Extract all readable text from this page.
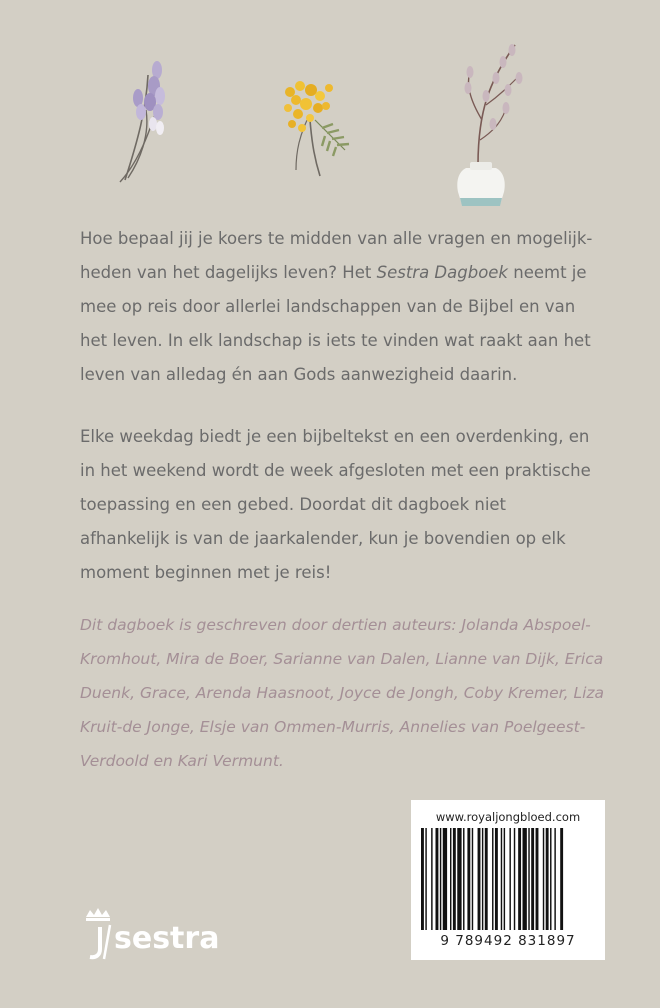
Hoe bepaal jij je koers te midden van alle vragen en mogelijk-heden van het dagelijks leven? Het Sestra Dagboek neemt je mee op reis door allerlei landschappen van de Bijbel en van het leven. In elk landschap is iets te vinden wat raakt aan het leven van alledag én aan Gods aanwezigheid daarin.

Elke weekdag biedt je een bijbeltekst en een overdenking, en in het weekend wordt de week afgesloten met een praktische toepassing en een gebed. Doordat dit dagboek niet afhankelijk is van de jaarkalender, kun je bovendien op elk moment beginnen met je reis!

Dit dagboek is geschreven door dertien auteurs: Jolanda Abspoel-Kromhout, Mira de Boer, Sarianne van Dalen, Lianne van Dijk, Erica Duenk, Grace, Arenda Haasnoot, Joyce de Jongh, Coby Kremer, Liza Kruit-de Jonge, Elsje van Ommen-Murris, Annelies van Poelgeest-Verdoold en Kari Vermunt.
sestra
www.royaljongbloed.com
9 789492 831897
